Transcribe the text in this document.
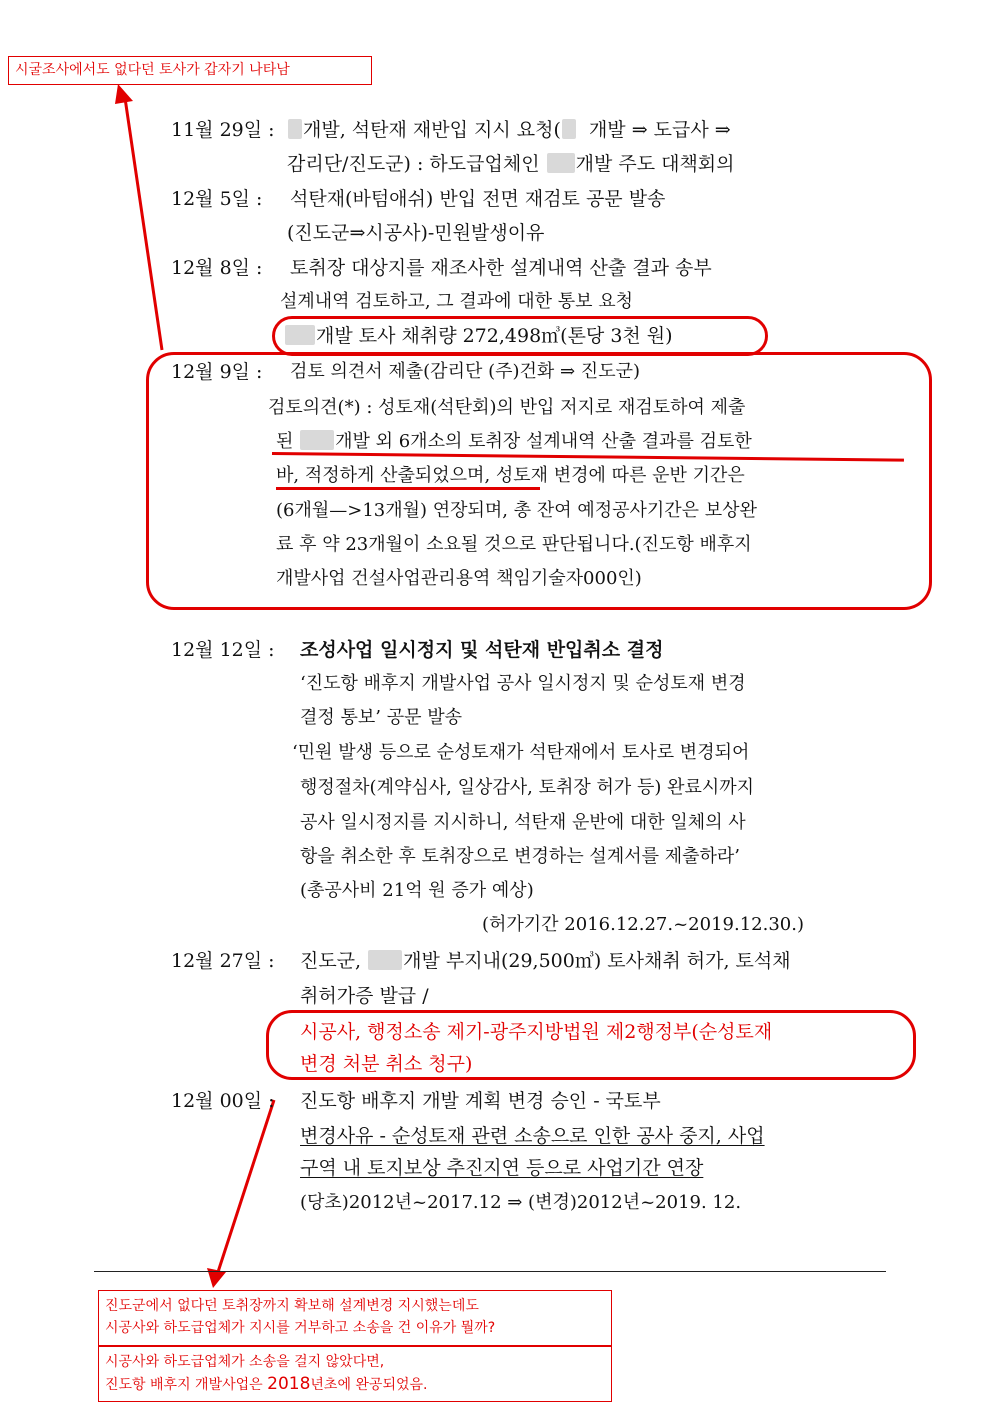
시굴조사에서도 없다던 토사가 갑자기 나타남
11월 29일 :	개발, 석탄재 재반입 지시 요청( 개발 ⇒ 도급사 ⇒
감리단/진도군) : 하도급업체인 개발 주도 대책회의
12월 5일 : 석탄재(바텀애쉬) 반입 전면 재검토 공문 발송
(진도군⇒시공사)-민원발생이유
12월 8일 : 토취장 대상지를 재조사한 설계내역 산출 결과 송부
설계내역 검토하고, 그 결과에 대한 통보 요청
개발 토사 채취량 272,498㎥(톤당 3천 원)
12월 9일 : 검토 의견서 제출(감리단 (주)건화 ⇒ 진도군)
검토의견(*) : 성토재(석탄회)의 반입 저지로 재검토하여 제출
된 개발 외 6개소의 토취장 설계내역 산출 결과를 검토한
바, 적정하게 산출되었으며, 성토재 변경에 따른 운반 기간은
(6개월—>13개월) 연장되며, 총 잔여 예정공사기간은 보상완
료 후 약 23개월이 소요될 것으로 판단됩니다.(진도항 배후지
개발사업 건설사업관리용역 책임기술자000인)
12월 12일 : 조성사업 일시정지 및 석탄재 반입취소 결정
‘진도항 배후지 개발사업 공사 일시정지 및 순성토재 변경
결정 통보’ 공문 발송
‘민원 발생 등으로 순성토재가 석탄재에서 토사로 변경되어
행정절차(계약심사, 일상감사, 토취장 허가 등) 완료시까지
공사 일시정지를 지시하니, 석탄재 운반에 대한 일체의 사
항을 취소한 후 토취장으로 변경하는 설계서를 제출하라’
(총공사비 21억 원 증가 예상)
(허가기간 2016.12.27.~2019.12.30.)
12월 27일 : 진도군, 개발 부지내(29,500㎥) 토사채취 허가, 토석채
취허가증 발급 /
시공사, 행정소송 제기-광주지방법원 제2행정부(순성토재
변경 처분 취소 청구)
12월 00일 : 진도항 배후지 개발 계획 변경 승인 - 국토부
변경사유 - 순성토재 관련 소송으로 인한 공사 중지, 사업
구역 내 토지보상 추진지연 등으로 사업기간 연장
(당초)2012년~2017.12 ⇒ (변경)2012년~2019. 12.
진도군에서 없다던 토취장까지 확보해 설계변경 지시했는데도
시공사와 하도급업체가 지시를 거부하고 소송을 건 이유가 뭘까?
시공사와 하도급업체가 소송을 걸지 않았다면,
진도항 배후지 개발사업은 2018년초에 완공되었음.
